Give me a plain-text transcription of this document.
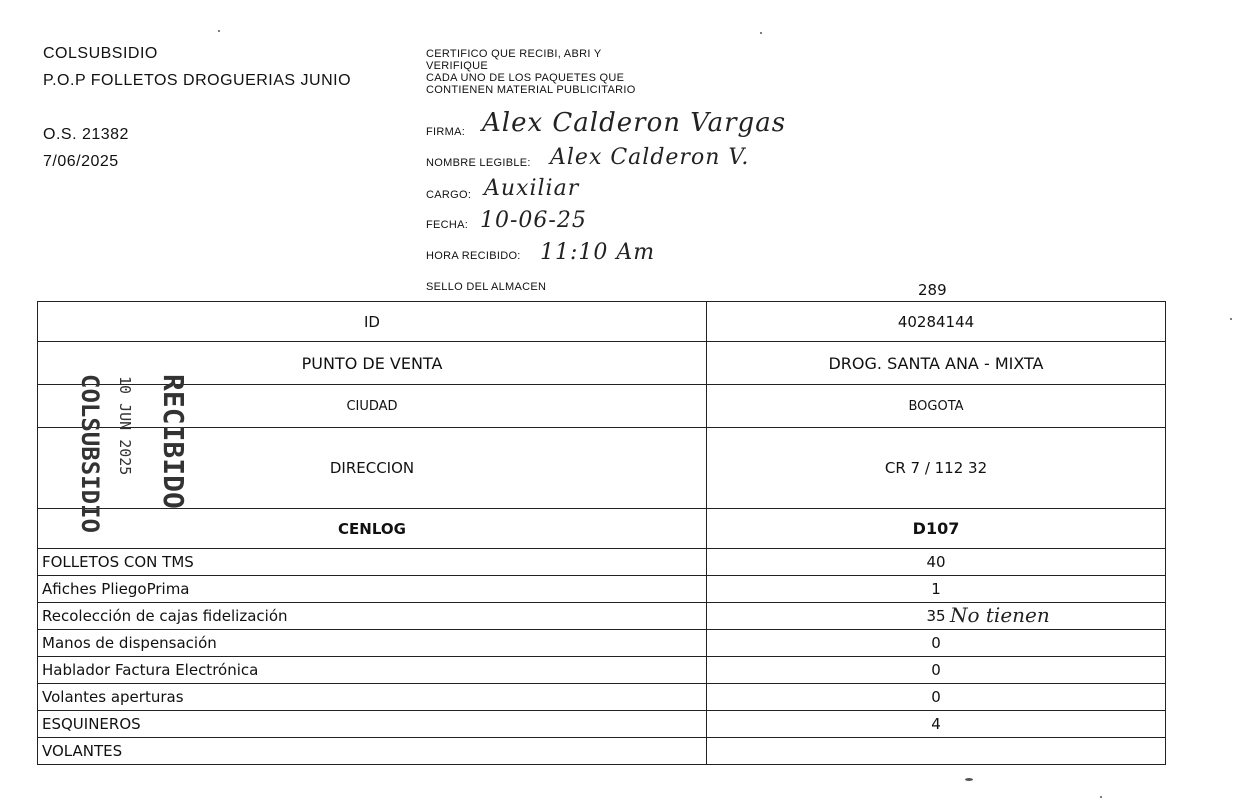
COLSUBSIDIO
P.O.P FOLLETOS DROGUERIAS JUNIO
O.S. 21382
7/06/2025
CERTIFICO QUE RECIBI, ABRI Y
VERIFIQUE
CADA UNO DE LOS PAQUETES QUE
CONTIENEN MATERIAL PUBLICITARIO
FIRMA: Alex Calderon Vargas
NOMBRE LEGIBLE: Alex Calderon V.
CARGO: Auxiliar
FECHA: 10-06-25
HORA RECIBIDO: 11:10 Am
SELLO DEL ALMACEN	289
ID	40284144
PUNTO DE VENTA	DROG. SANTA ANA - MIXTA
CIUDAD	BOGOTA
DIRECCION	CR 7 / 112 32
CENLOG	D107
FOLLETOS CON TMS	40
Afiches PliegoPrima	1
Recolección de cajas fidelización	35
Manos de dispensación	0
Hablador Factura Electrónica	0
Volantes aperturas	0
ESQUINEROS	4
VOLANTES	
No tienen
RECIBIDO
10 JUN 2025
COLSUBSIDIO
